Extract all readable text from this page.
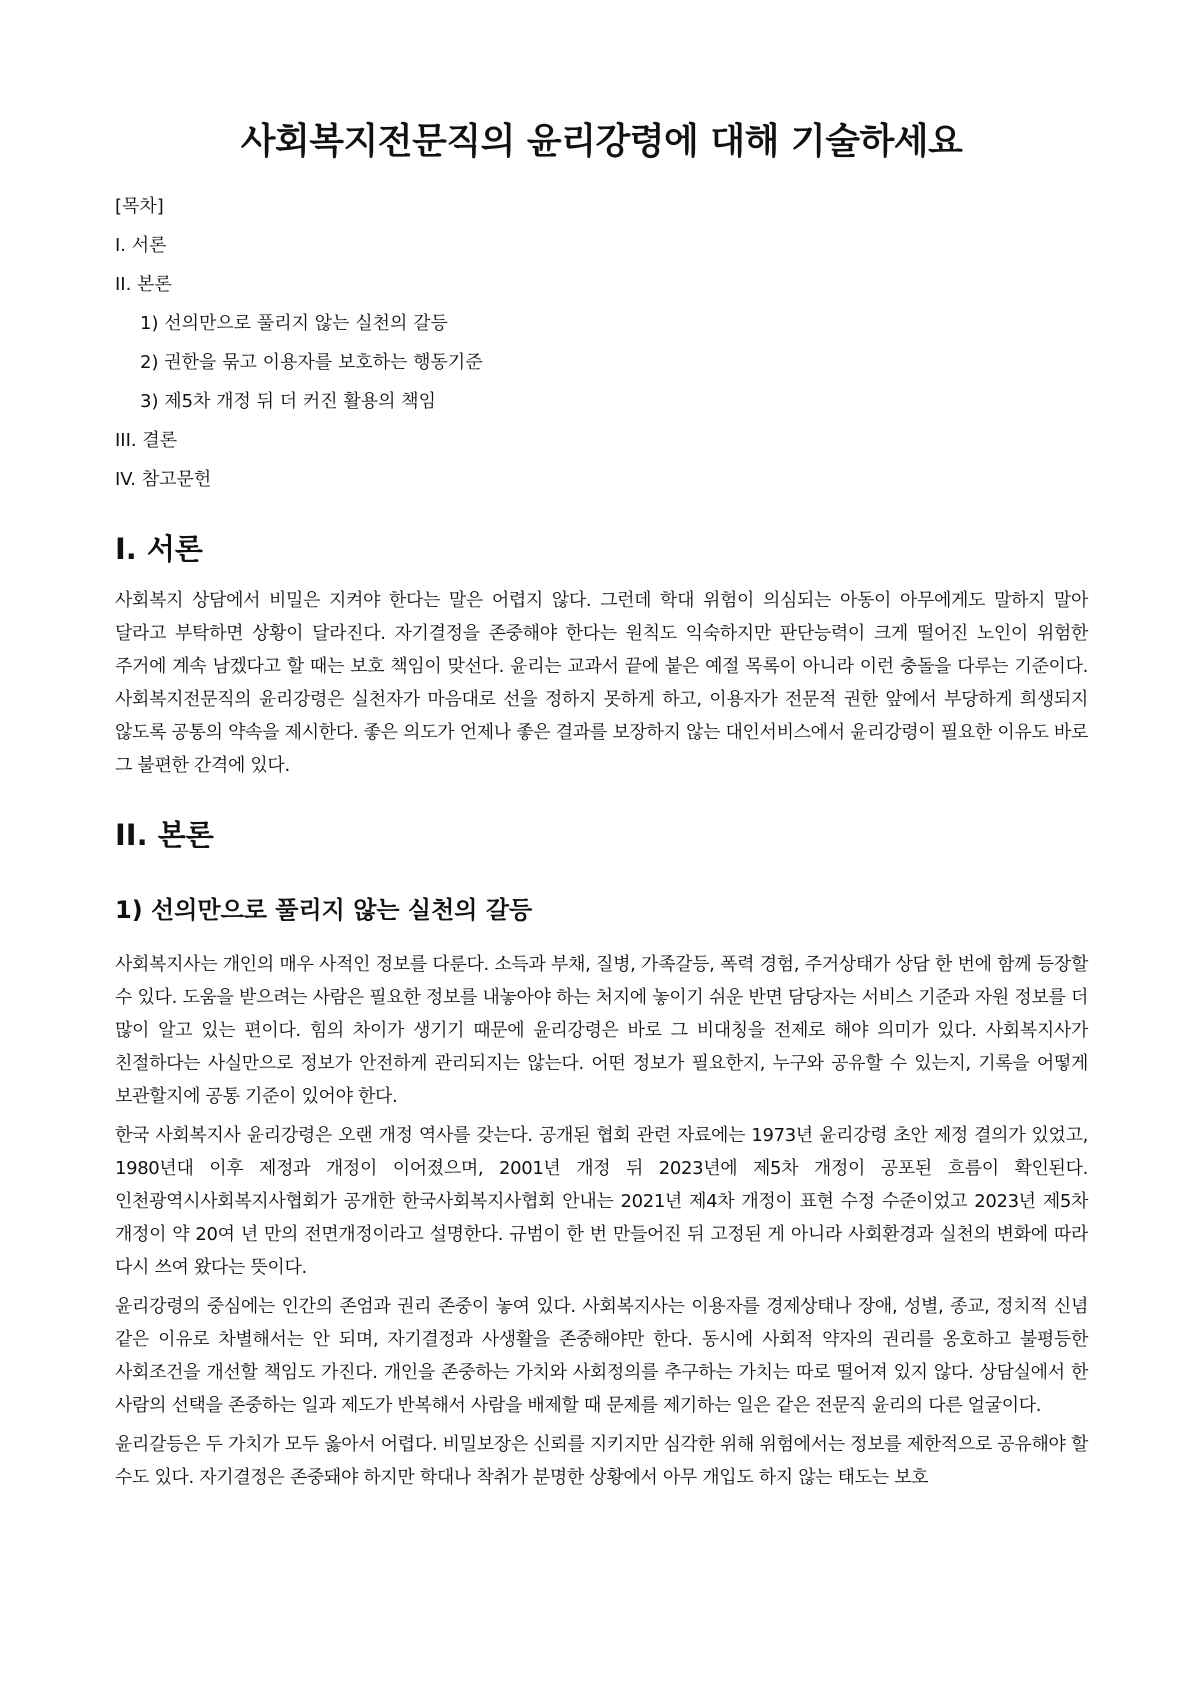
사회복지전문직의 윤리강령에 대해 기술하세요
[목차]
I. 서론
II. 본론
1) 선의만으로 풀리지 않는 실천의 갈등
2) 권한을 묶고 이용자를 보호하는 행동기준
3) 제5차 개정 뒤 더 커진 활용의 책임
III. 결론
IV. 참고문헌
I. 서론

사회복지 상담에서 비밀은 지켜야 한다는 말은 어렵지 않다. 그런데 학대 위험이 의심되는 아동이 아무에게도 말하지 말아 달라고 부탁하면 상황이 달라진다. 자기결정을 존중해야 한다는 원칙도 익숙하지만 판단능력이 크게 떨어진 노인이 위험한 주거에 계속 남겠다고 할 때는 보호 책임이 맞선다. 윤리는 교과서 끝에 붙은 예절 목록이 아니라 이런 충돌을 다루는 기준이다. 사회복지전문직의 윤리강령은 실천자가 마음대로 선을 정하지 못하게 하고, 이용자가 전문적 권한 앞에서 부당하게 희생되지 않도록 공통의 약속을 제시한다. 좋은 의도가 언제나 좋은 결과를 보장하지 않는 대인서비스에서 윤리강령이 필요한 이유도 바로 그 불편한 간격에 있다.

II. 본론
1) 선의만으로 풀리지 않는 실천의 갈등

사회복지사는 개인의 매우 사적인 정보를 다룬다. 소득과 부채, 질병, 가족갈등, 폭력 경험, 주거상태가 상담 한 번에 함께 등장할 수 있다. 도움을 받으려는 사람은 필요한 정보를 내놓아야 하는 처지에 놓이기 쉬운 반면 담당자는 서비스 기준과 자원 정보를 더 많이 알고 있는 편이다. 힘의 차이가 생기기 때문에 윤리강령은 바로 그 비대칭을 전제로 해야 의미가 있다. 사회복지사가 친절하다는 사실만으로 정보가 안전하게 관리되지는 않는다. 어떤 정보가 필요한지, 누구와 공유할 수 있는지, 기록을 어떻게 보관할지에 공통 기준이 있어야 한다.

한국 사회복지사 윤리강령은 오랜 개정 역사를 갖는다. 공개된 협회 관련 자료에는 1973년 윤리강령 초안 제정 결의가 있었고, 1980년대 이후 제정과 개정이 이어졌으며, 2001년 개정 뒤 2023년에 제5차 개정이 공포된 흐름이 확인된다. 인천광역시사회복지사협회가 공개한 한국사회복지사협회 안내는 2021년 제4차 개정이 표현 수정 수준이었고 2023년 제5차 개정이 약 20여 년 만의 전면개정이라고 설명한다. 규범이 한 번 만들어진 뒤 고정된 게 아니라 사회환경과 실천의 변화에 따라 다시 쓰여 왔다는 뜻이다.

윤리강령의 중심에는 인간의 존엄과 권리 존중이 놓여 있다. 사회복지사는 이용자를 경제상태나 장애, 성별, 종교, 정치적 신념 같은 이유로 차별해서는 안 되며, 자기결정과 사생활을 존중해야만 한다. 동시에 사회적 약자의 권리를 옹호하고 불평등한 사회조건을 개선할 책임도 가진다. 개인을 존중하는 가치와 사회정의를 추구하는 가치는 따로 떨어져 있지 않다. 상담실에서 한 사람의 선택을 존중하는 일과 제도가 반복해서 사람을 배제할 때 문제를 제기하는 일은 같은 전문직 윤리의 다른 얼굴이다.

윤리갈등은 두 가치가 모두 옳아서 어렵다. 비밀보장은 신뢰를 지키지만 심각한 위해 위험에서는 정보를 제한적으로 공유해야 할 수도 있다. 자기결정은 존중돼야 하지만 학대나 착취가 분명한 상황에서 아무 개입도 하지 않는 태도는 보호
